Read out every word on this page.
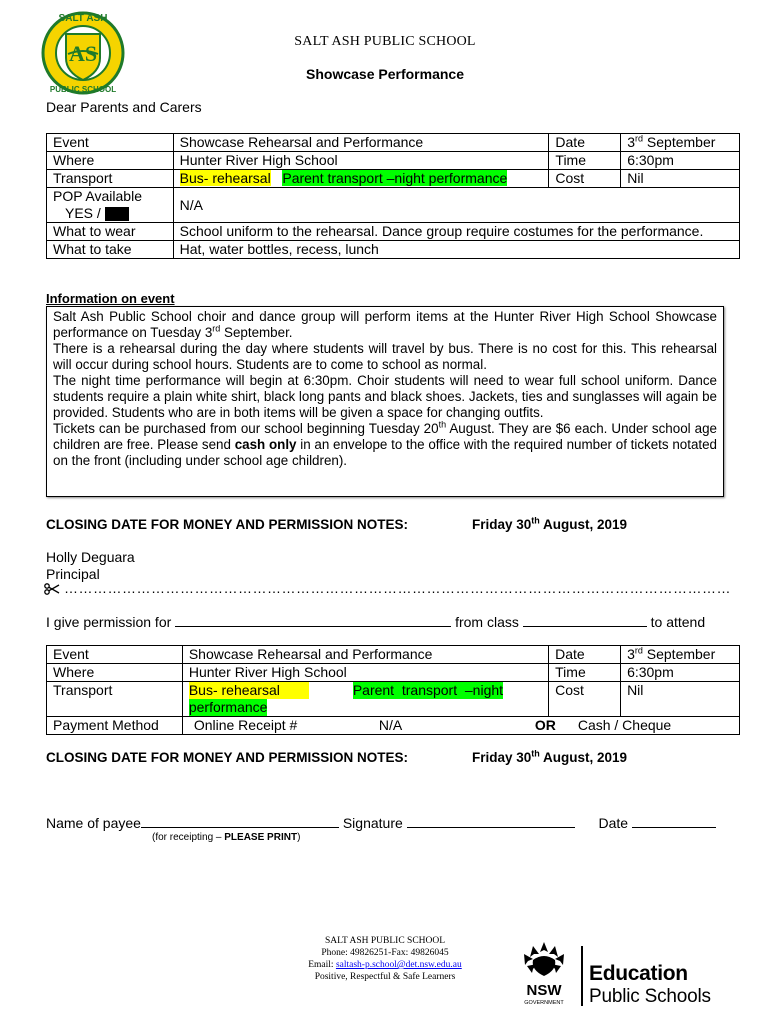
SALT ASH
AS
PUBLIC SCHOOL
SALT ASH PUBLIC SCHOOL
Showcase Performance
Dear Parents and Carers
Event	Showcase Rehearsal and Performance	Date	3rd September
Where	Hunter River High School	Time	6:30pm
Transport	Bus- rehearsal Parent transport –night performance	Cost	Nil

POP Available
YES /	N/A		
What to wear	School uniform to the rehearsal. Dance group require costumes for the performance.		
What to take	Hat, water bottles, recess, lunch		
Information on event

Salt Ash Public School choir and dance group will perform items at the Hunter River High School Showcase performance on Tuesday 3rd September.

There is a rehearsal during the day where students will travel by bus. There is no cost for this. This rehearsal will occur during school hours. Students are to come to school as normal.

The night time performance will begin at 6:30pm. Choir students will need to wear full school uniform. Dance students require a plain white shirt, black long pants and black shoes. Jackets, ties and sunglasses will again be provided. Students who are in both items will be given a space for changing outfits.

Tickets can be purchased from our school beginning Tuesday 20th August. They are $6 each. Under school age children are free. Please send cash only in an envelope to the office with the required number of tickets notated on the front (including under school age children).

CLOSING DATE FOR MONEY AND PERMISSION NOTES:	Friday 30th August, 2019
Holly Deguara
Principal
…………………………………………………………………………………………………………………………
I give permission for	from class	to attend
Event	Showcase Rehearsal and Performance	Date	3rd September
Where	Hunter River High School	Time	6:30pm
Transport	Bus- rehearsal Parent  transport  –night
performance	Cost	Nil
Payment Method	Online Receipt # N/A OR Cash / Cheque		
CLOSING DATE FOR MONEY AND PERMISSION NOTES:	Friday 30th August, 2019
Name of payee	Signature	Date
(for receipting – PLEASE PRINT)
SALT ASH PUBLIC SCHOOL
Phone: 49826251-Fax: 49826045
Email: saltash-p.school@det.nsw.edu.au
Positive, Respectful & Safe Learners
NSW
GOVERNMENT
Education
Public Schools
